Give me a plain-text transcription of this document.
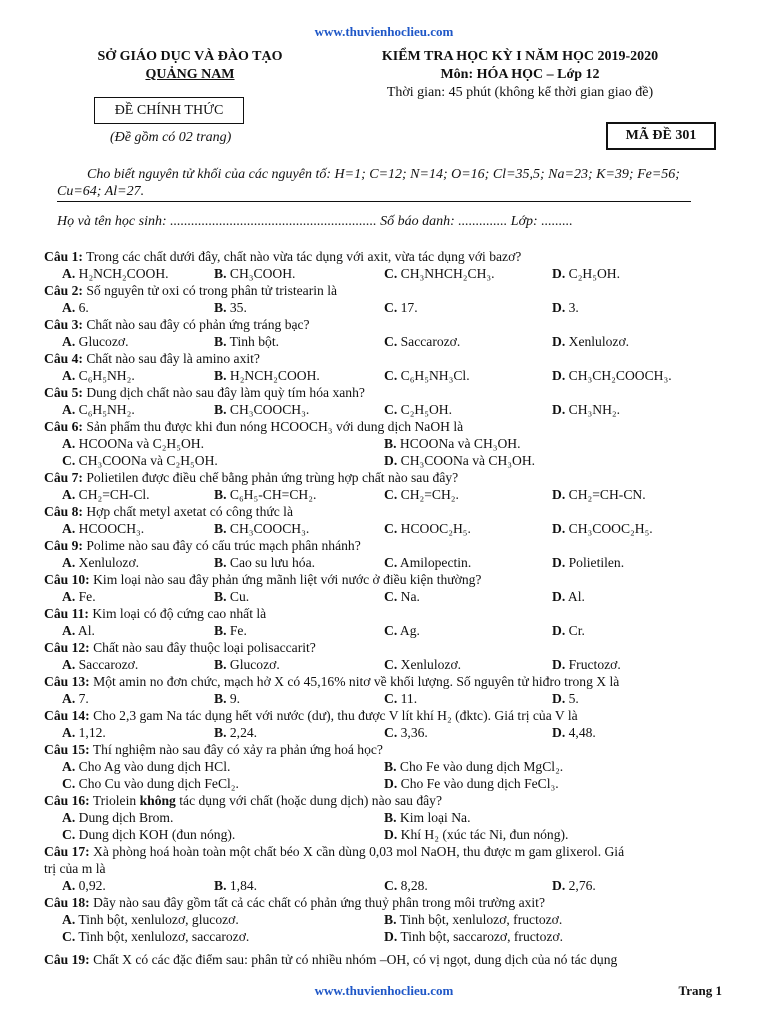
www.thuvienhoclieu.com
SỞ GIÁO DỤC VÀ ĐÀO TẠO
QUẢNG NAM
KIỂM TRA HỌC KỲ I NĂM HỌC 2019-2020
Môn: HÓA HỌC – Lớp 12
Thời gian: 45 phút (không kể thời gian giao đề)
ĐỀ CHÍNH THỨC
(Đề gồm có 02 trang)	MÃ ĐỀ 301
Cho biết nguyên tử khối của các nguyên tố: H=1; C=12; N=14; O=16; Cl=35,5; Na=23; K=39; Fe=56; Cu=64; Al=27.
Họ và tên học sinh: ........................................................... Số báo danh: .............. Lớp: .........
Câu 1: Trong các chất dưới đây, chất nào vừa tác dụng với axit, vừa tác dụng với bazơ?
A. H₂NCH₂COOH.	B. CH₃COOH.	C. CH₃NHCH₂CH₃.	D. C₂H₅OH.
Câu 2: Số nguyên tử oxi có trong phân tử tristearin là
A. 6.	B. 35.	C. 17.	D. 3.
Câu 3: Chất nào sau đây có phản ứng tráng bạc?
A. Glucozơ.	B. Tinh bột.	C. Saccarozơ.	D. Xenlulozơ.
Câu 4: Chất nào sau đây là amino axit?
A. C₆H₅NH₂.	B. H₂NCH₂COOH.	C. C₆H₅NH₃Cl.	D. CH₃CH₂COOCH₃.
Câu 5: Dung dịch chất nào sau đây làm quỳ tím hóa xanh?
A. C₆H₅NH₂.	B. CH₃COOCH₃.	C. C₂H₅OH.	D. CH₃NH₂.
Câu 6: Sản phẩm thu được khi đun nóng HCOOCH₃ với dung dịch NaOH là
A. HCOONa và C₂H₅OH.	B. HCOONa và CH₃OH.
C. CH₃COONa và C₂H₅OH.	D. CH₃COONa và CH₃OH.
Câu 7: Polietilen được điều chế bằng phản ứng trùng hợp chất nào sau đây?
A. CH₂=CH-Cl.	B. C₆H₅-CH=CH₂.	C. CH₂=CH₂.	D. CH₂=CH-CN.
Câu 8: Hợp chất metyl axetat có công thức là
A. HCOOCH₃.	B. CH₃COOCH₃.	C. HCOOC₂H₅.	D. CH₃COOC₂H₅.
Câu 9: Polime nào sau đây có cấu trúc mạch phân nhánh?
A. Xenlulozơ.	B. Cao su lưu hóa.	C. Amilopectin.	D. Polietilen.
Câu 10: Kim loại nào sau đây phản ứng mãnh liệt với nước ở điều kiện thường?
A. Fe.	B. Cu.	C. Na.	D. Al.
Câu 11: Kim loại có độ cứng cao nhất là
A. Al.	B. Fe.	C. Ag.	D. Cr.
Câu 12: Chất nào sau đây thuộc loại polisaccarit?
A. Saccarozơ.	B. Glucozơ.	C. Xenlulozơ.	D. Fructozơ.
Câu 13: Một amin no đơn chức, mạch hở X có 45,16% nitơ về khối lượng. Số nguyên tử hiđro trong X là
A. 7.	B. 9.	C. 11.	D. 5.
Câu 14: Cho 2,3 gam Na tác dụng hết với nước (dư), thu được V lít khí H₂ (đktc). Giá trị của V là
A. 1,12.	B. 2,24.	C. 3,36.	D. 4,48.
Câu 15: Thí nghiệm nào sau đây có xảy ra phản ứng hoá học?
A. Cho Ag vào dung dịch HCl.	B. Cho Fe vào dung dịch MgCl₂.
C. Cho Cu vào dung dịch FeCl₂.	D. Cho Fe vào dung dịch FeCl₃.
Câu 16: Triolein không tác dụng với chất (hoặc dung dịch) nào sau đây?
A. Dung dịch Brom.	B. Kim loại Na.
C. Dung dịch KOH (đun nóng).	D. Khí H₂ (xúc tác Ni, đun nóng).
Câu 17: Xà phòng hoá hoàn toàn một chất béo X cần dùng 0,03 mol NaOH, thu được m gam glixerol. Giá
trị của m là
A. 0,92.	B. 1,84.	C. 8,28.	D. 2,76.
Câu 18: Dãy nào sau đây gồm tất cả các chất có phản ứng thuỷ phân trong môi trường axit?
A. Tinh bột, xenlulozơ, glucozơ.	B. Tinh bột, xenlulozơ, fructozơ.
C. Tinh bột, xenlulozơ, saccarozơ.	D. Tinh bột, saccarozơ, fructozơ.
Câu 19: Chất X có các đặc điểm sau: phân tử có nhiều nhóm –OH, có vị ngọt, dung dịch của nó tác dụng
www.thuvienhoclieu.com	Trang 1
